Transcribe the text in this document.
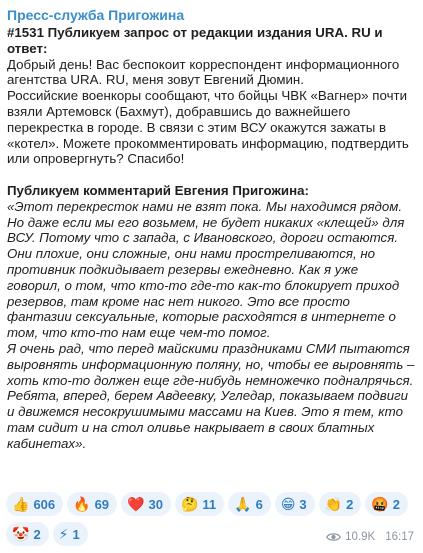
Пресс-служба Пригожина

#1531 Публикуем запрос от редакции издания URA. RU и ответ:

Добрый день! Вас беспокоит корреспондент информационного агентства URA. RU, меня зовут Евгений Дюмин.

Российские военкоры сообщают, что бойцы ЧВК «Вагнер» почти взяли Артемовск (Бахмут), добравшись до важнейшего перекрестка в городе. В связи с этим ВСУ окажутся зажаты в «котел». Можете прокомментировать информацию, подтвердить или опровергнуть? Спасибо!

Публикуем комментарий Евгения Пригожина:

«Этот перекресток нами не взят пока. Мы находимся рядом. Но даже если мы его возьмем, не будет никаких «клещей» для ВСУ. Потому что с запада, с Ивановского, дороги остаются. Они плохие, они сложные, они нами простреливаются, но противник подкидывает резервы ежедневно. Как я уже говорил, о том, что кто-то где-то как-то блокирует приход резервов, там кроме нас нет никого. Это все просто фантазии сексуальные, которые расходятся в интернете о том, что кто-то нам еще чем-то помог.

Я очень рад, что перед майскими праздниками СМИ пытаются выровнять информационную поляну, но, чтобы ее выровнять – хоть кто-то должен еще где-нибудь немножечко подналрячься. Ребята, вперед, берем Авдеевку, Угледар, показываем подвиги и движемся несокрушимыми массами на Киев. Это я тем, кто там сидит и на стол оливье накрывает в своих блатных кабинетах».

👍 606 🔥 69 ❤️ 30 🤔 11 🙏 6 😁 3 👏 2 🤬 2
🤡 2 ⚡ 1	10.9K 16:17
